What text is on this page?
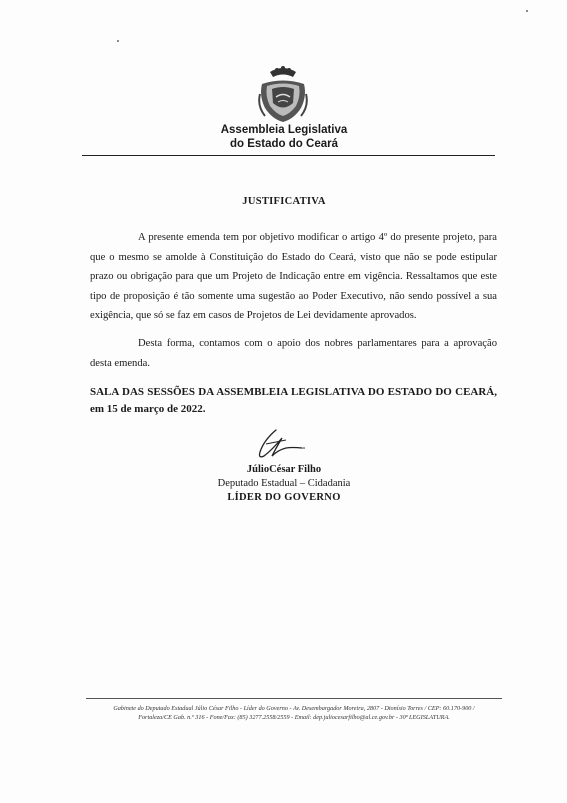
Assembleia Legislativa
do Estado do Ceará
JUSTIFICATIVA

A presente emenda tem por objetivo modificar o artigo 4º do presente projeto, para que o mesmo se amolde à Constituição do Estado do Ceará, visto que não se pode estipular prazo ou obrigação para que um Projeto de Indicação entre em vigência. Ressaltamos que este tipo de proposição é tão somente uma sugestão ao Poder Executivo, não sendo possível a sua exigência, que só se faz em casos de Projetos de Lei devidamente aprovados.

Desta forma, contamos com o apoio dos nobres parlamentares para a aprovação desta emenda.

SALA DAS SESSÕES DA ASSEMBLEIA LEGISLATIVA DO ESTADO DO CEARÁ, em 15 de março de 2022.

JúlioCésar Filho
Deputado Estadual – Cidadania
LÍDER DO GOVERNO
Gabinete do Deputado Estadual Júlio César Filho - Líder do Governo - Av. Desembargador Moreira, 2807 - Dionísio Torres / CEP: 60.170-900 /
Fortaleza/CE Gab. n.º 316 - Fone/Fax: (85) 3277.2558/2559 - Email: dep.juliocesarfilho@al.ce.gov.br - 30ª LEGISLATURA.
